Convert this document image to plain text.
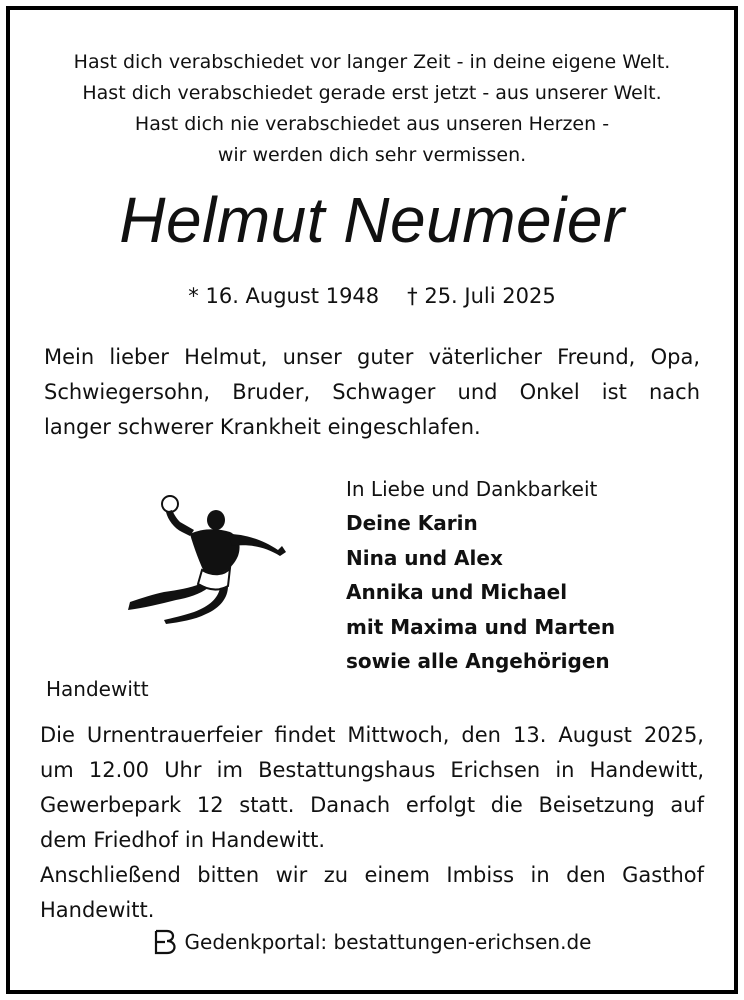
Hast dich verabschiedet vor langer Zeit - in deine eigene Welt.
Hast dich verabschiedet gerade erst jetzt - aus unserer Welt.
Hast dich nie verabschiedet aus unseren Herzen -
wir werden dich sehr vermissen.
Helmut Neumeier
* 16. August 1948 † 25. Juli 2025
Mein lieber Helmut, unser guter väterlicher Freund, Opa,
Schwiegersohn, Bruder, Schwager und Onkel ist nach
langer schwerer Krankheit eingeschlafen.
In Liebe und Dankbarkeit
Deine Karin
Nina und Alex
Annika und Michael
mit Maxima und Marten
sowie alle Angehörigen
Handewitt
Die Urnentrauerfeier findet Mittwoch, den 13. August 2025,
um 12.00 Uhr im Bestattungshaus Erichsen in Handewitt,
Gewerbepark 12 statt. Danach erfolgt die Beisetzung auf
dem Friedhof in Handewitt.
Anschließend bitten wir zu einem Imbiss in den Gasthof
Handewitt.
Gedenkportal: bestattungen-erichsen.de
